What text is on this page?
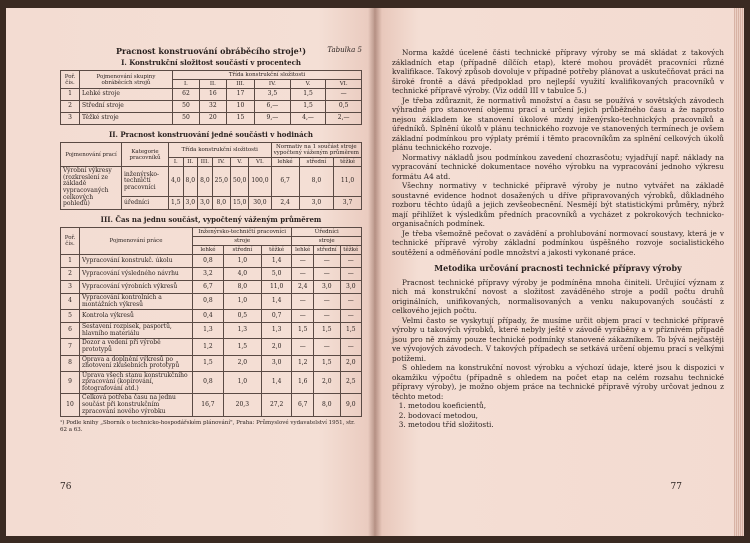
Pracnost konstruování obráběcího stroje¹)	Tabulka 5
I. Konstrukční složitost součástí v procentech
Poř. čís.	Pojmenování skupiny obráběcích strojů	Třída konstrukční složitosti					
		I.	II.	III.	IV.	V.	VI.
1	Lehké stroje	62	16	17	3,5	1,5	—
2	Střední stroje	50	32	10	6,—	1,5	0,5
3	Těžké stroje	50	20	15	9,—	4,—	2,—
II. Pracnost konstruování jedné součásti v hodinách
Pojmenování prací	Kategorie pracovníků	Třída konstrukční složitosti						Normativ na 1 součást stroje vypočtený váženým průměrem		

		I.	II.	III.	IV.	V.	VI.	lehké	střední	těžké
Výrobní výkresy (rozkreslení ze základě vypracovaných celkových pohledů)	inženýrsko-techničtí pracovníci	4,0	8,0	8,0	25,0	50,0	100,0	6,7	8,0	11,0
	úředníci	1,5	3,0	3,0	8,0	15,0	30,0	2,4	3,0	3,7
III. Čas na jednu součást, vypočtený váženým průměrem
Poř. čís.	Pojmenování práce	Inženýrsko-techničtí pracovníci			Úředníci		
		stroje			stroje		
		lehké	střední	těžké	lehké	střední	těžké
1	Vypracování konstrukč. úkolu	0,8	1,0	1,4	—	—	—
2	Vypracování výsledného návrhu	3,2	4,0	5,0	—	—	—
3	Vypracování výrobních výkresů	6,7	8,0	11,0	2,4	3,0	3,0
4	Vypracování kontrolních a montážních výkresů	0,8	1,0	1,4	—	—	—
5	Kontrola výkresů	0,4	0,5	0,7	—	—	—
6	Sestavení rozpisek, pasportů, hlavního materiálu	1,3	1,3	1,3	1,5	1,5	1,5
7	Dozor a vedení při výrobě prototypů	1,2	1,5	2,0	—	—	—
8	Oprava a doplnění výkresů po zhotovení zkušebních prototypů	1,5	2,0	3,0	1,2	1,5	2,0
9	Úprava všech stanu konstrukčního zpracování (kopírování, fotografování atd.)	0,8	1,0	1,4	1,6	2,0	2,5
10	Celková potřeba času na jednu součást při konstrukčním zpracování nového výrobku	16,7	20,3	27,2	6,7	8,0	9,0
¹) Podle knihy „Sborník o technicko-hospodářském plánování", Praha: Průmyslové vydavatelství 1951, str. 62 a 63.
76

Norma každé úcelené části technické přípravy výroby se má skládat z takových základních etap (případně dílčích etap), které mohou provádět pracovníci různé kvalifikace. Takový způsob dovoluje v případné potřeby plánovat a uskutečňovat práci na široké frontě a dává předpoklad pro nejlepší využití kvalifikovaných pracovníků v technické přípravě výroby. (Viz oddíl III v tabulce 5.)

Je třeba zdůraznit, že normativů množství a času se používá v sovětských závodech výhradně pro stanovení objemu prací a určení jejich průběžného času a že naprosto nejsou základem ke stanovení úkolové mzdy inženýrsko-technických pracovníků a úředníků. Splnění úkolů v plánu technického rozvoje ve stanovených termínech je ovšem základní podmínkou pro výplaty prémií i těmto pracovníkům za splnění celkových úkolů plánu technického rozvoje.

Normativy nákladů jsou podmínkou zavedení chozrasčotu; vyjadřují např. náklady na vypracování technické dokumentace nového výrobku na vypracování jednoho výkresu formátu A4 atd.

Všechny normativy v technické přípravě výroby je nutno vytvářet na základě soustavné evidence hodnot dosažených u dříve připravovaných výrobků, důkladného rozboru těchto údajů a jejich zevšeobecnění. Nesmějí být statistickými průměry, nýbrž mají přihlížet k výsledkům předních pracovníků a vycházet z pokrokových technicko-organisačních podmínek.

Je třeba všemožně pečovat o zavádění a prohlubování normovací soustavy, která je v technické přípravě výroby základní podmínkou úspěšného rozvoje socialistického soutěžení a odměňování podle množství a jakosti vykonané práce.

Metodika určování pracnosti technické přípravy výroby

Pracnost technické přípravy výroby je podmíněna mnoha činiteli. Určující význam z nich má konstrukční novost a složitost zaváděného stroje a podíl počtu druhů originálních, unifikovaných, normalisovaných a venku nakupovaných součástí z celkového jejich počtu.

Velmi často se vyskytují případy, že musíme určit objem prací v technické přípravě výroby u takových výrobků, které nebyly ještě v závodě vyráběny a v příznivém případě jsou pro ně známy pouze technické podmínky stanovené zákazníkem. To bývá nejčastěji ve vývojových závodech. V takových případech se setkává určení objemu prací s velkými potížemi.

S ohledem na konstrukční novost výrobku a výchozí údaje, které jsou k dispozici v okamžiku výpočtu (případně s ohledem na počet etap na celém rozsahu technické přípravy výroby), je možno objem práce na technické přípravě výroby určovat jednou z těchto metod:

1. metodou koeficientů,
2. bodovací metodou,
3. metodou tříd složitosti.
77
